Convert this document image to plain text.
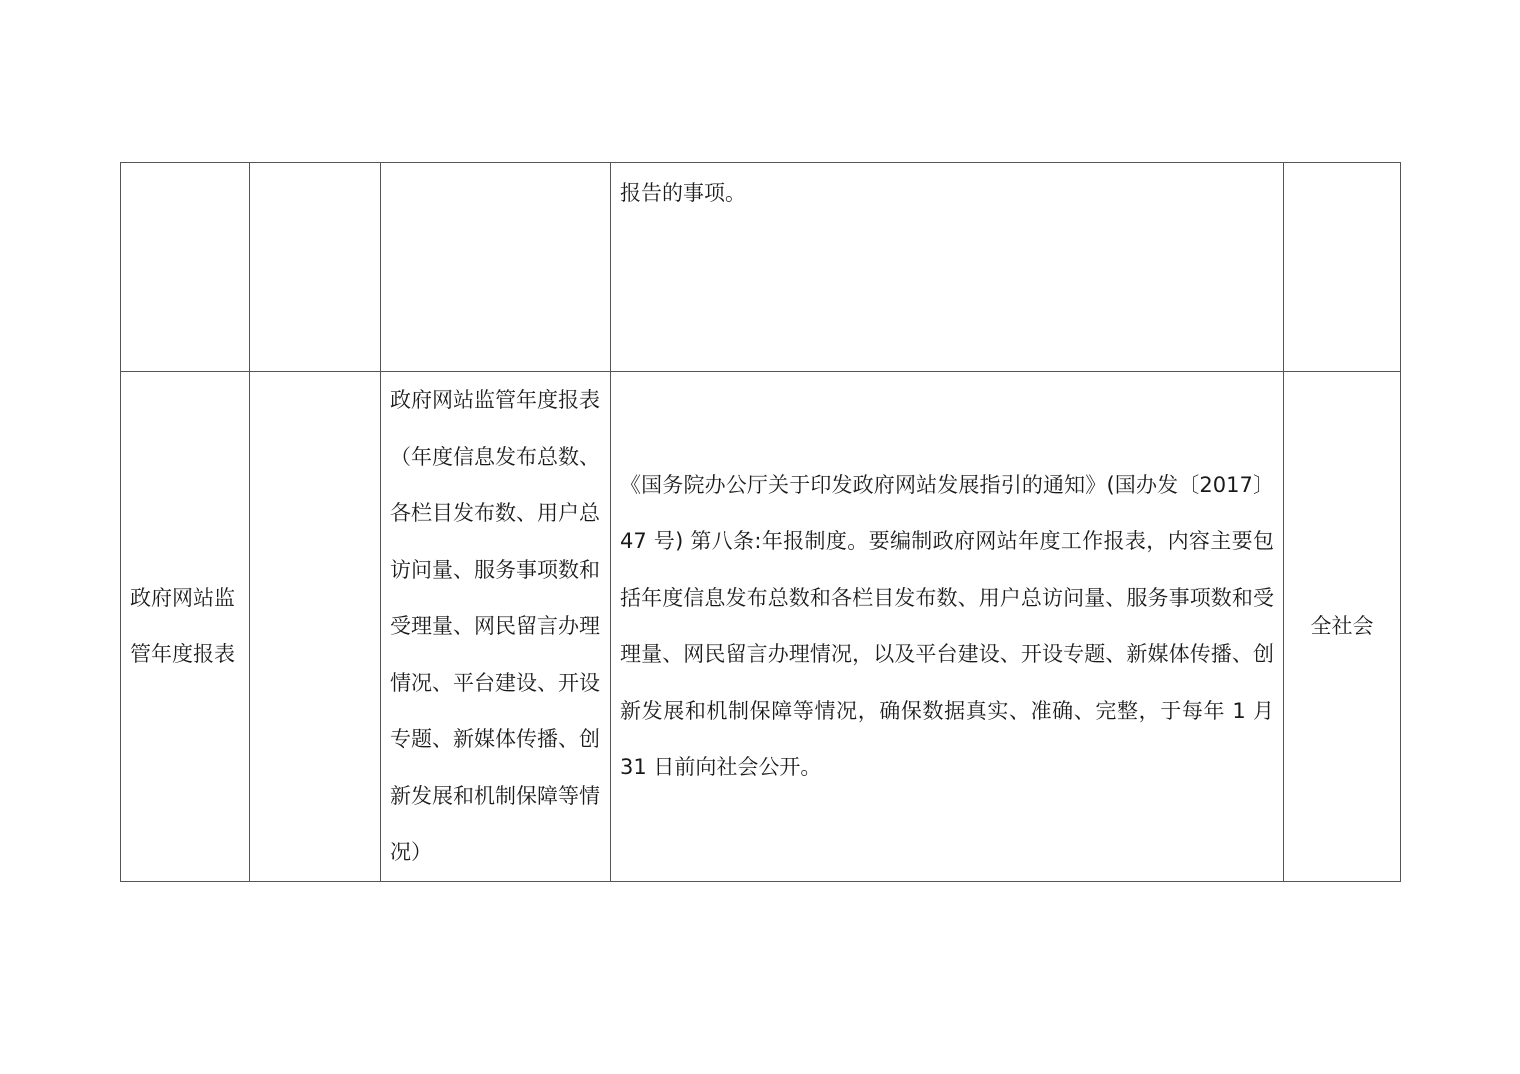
			报告的事项。	
政府网站监管年度报表		政府网站监管年度报表（年度信息发布总数、各栏目发布数、用户总访问量、服务事项数和受理量、网民留言办理情况、平台建设、开设专题、新媒体传播、创新发展和机制保障等情况）	《国务院办公厅关于印发政府网站发展指引的通知》(国办发〔2017〕47 号) 第八条:年报制度。要编制政府网站年度工作报表，内容主要包括年度信息发布总数和各栏目发布数、用户总访问量、服务事项数和受理量、网民留言办理情况，以及平台建设、开设专题、新媒体传播、创新发展和机制保障等情况，确保数据真实、准确、完整，于每年 1 月 31 日前向社会公开。	全社会
